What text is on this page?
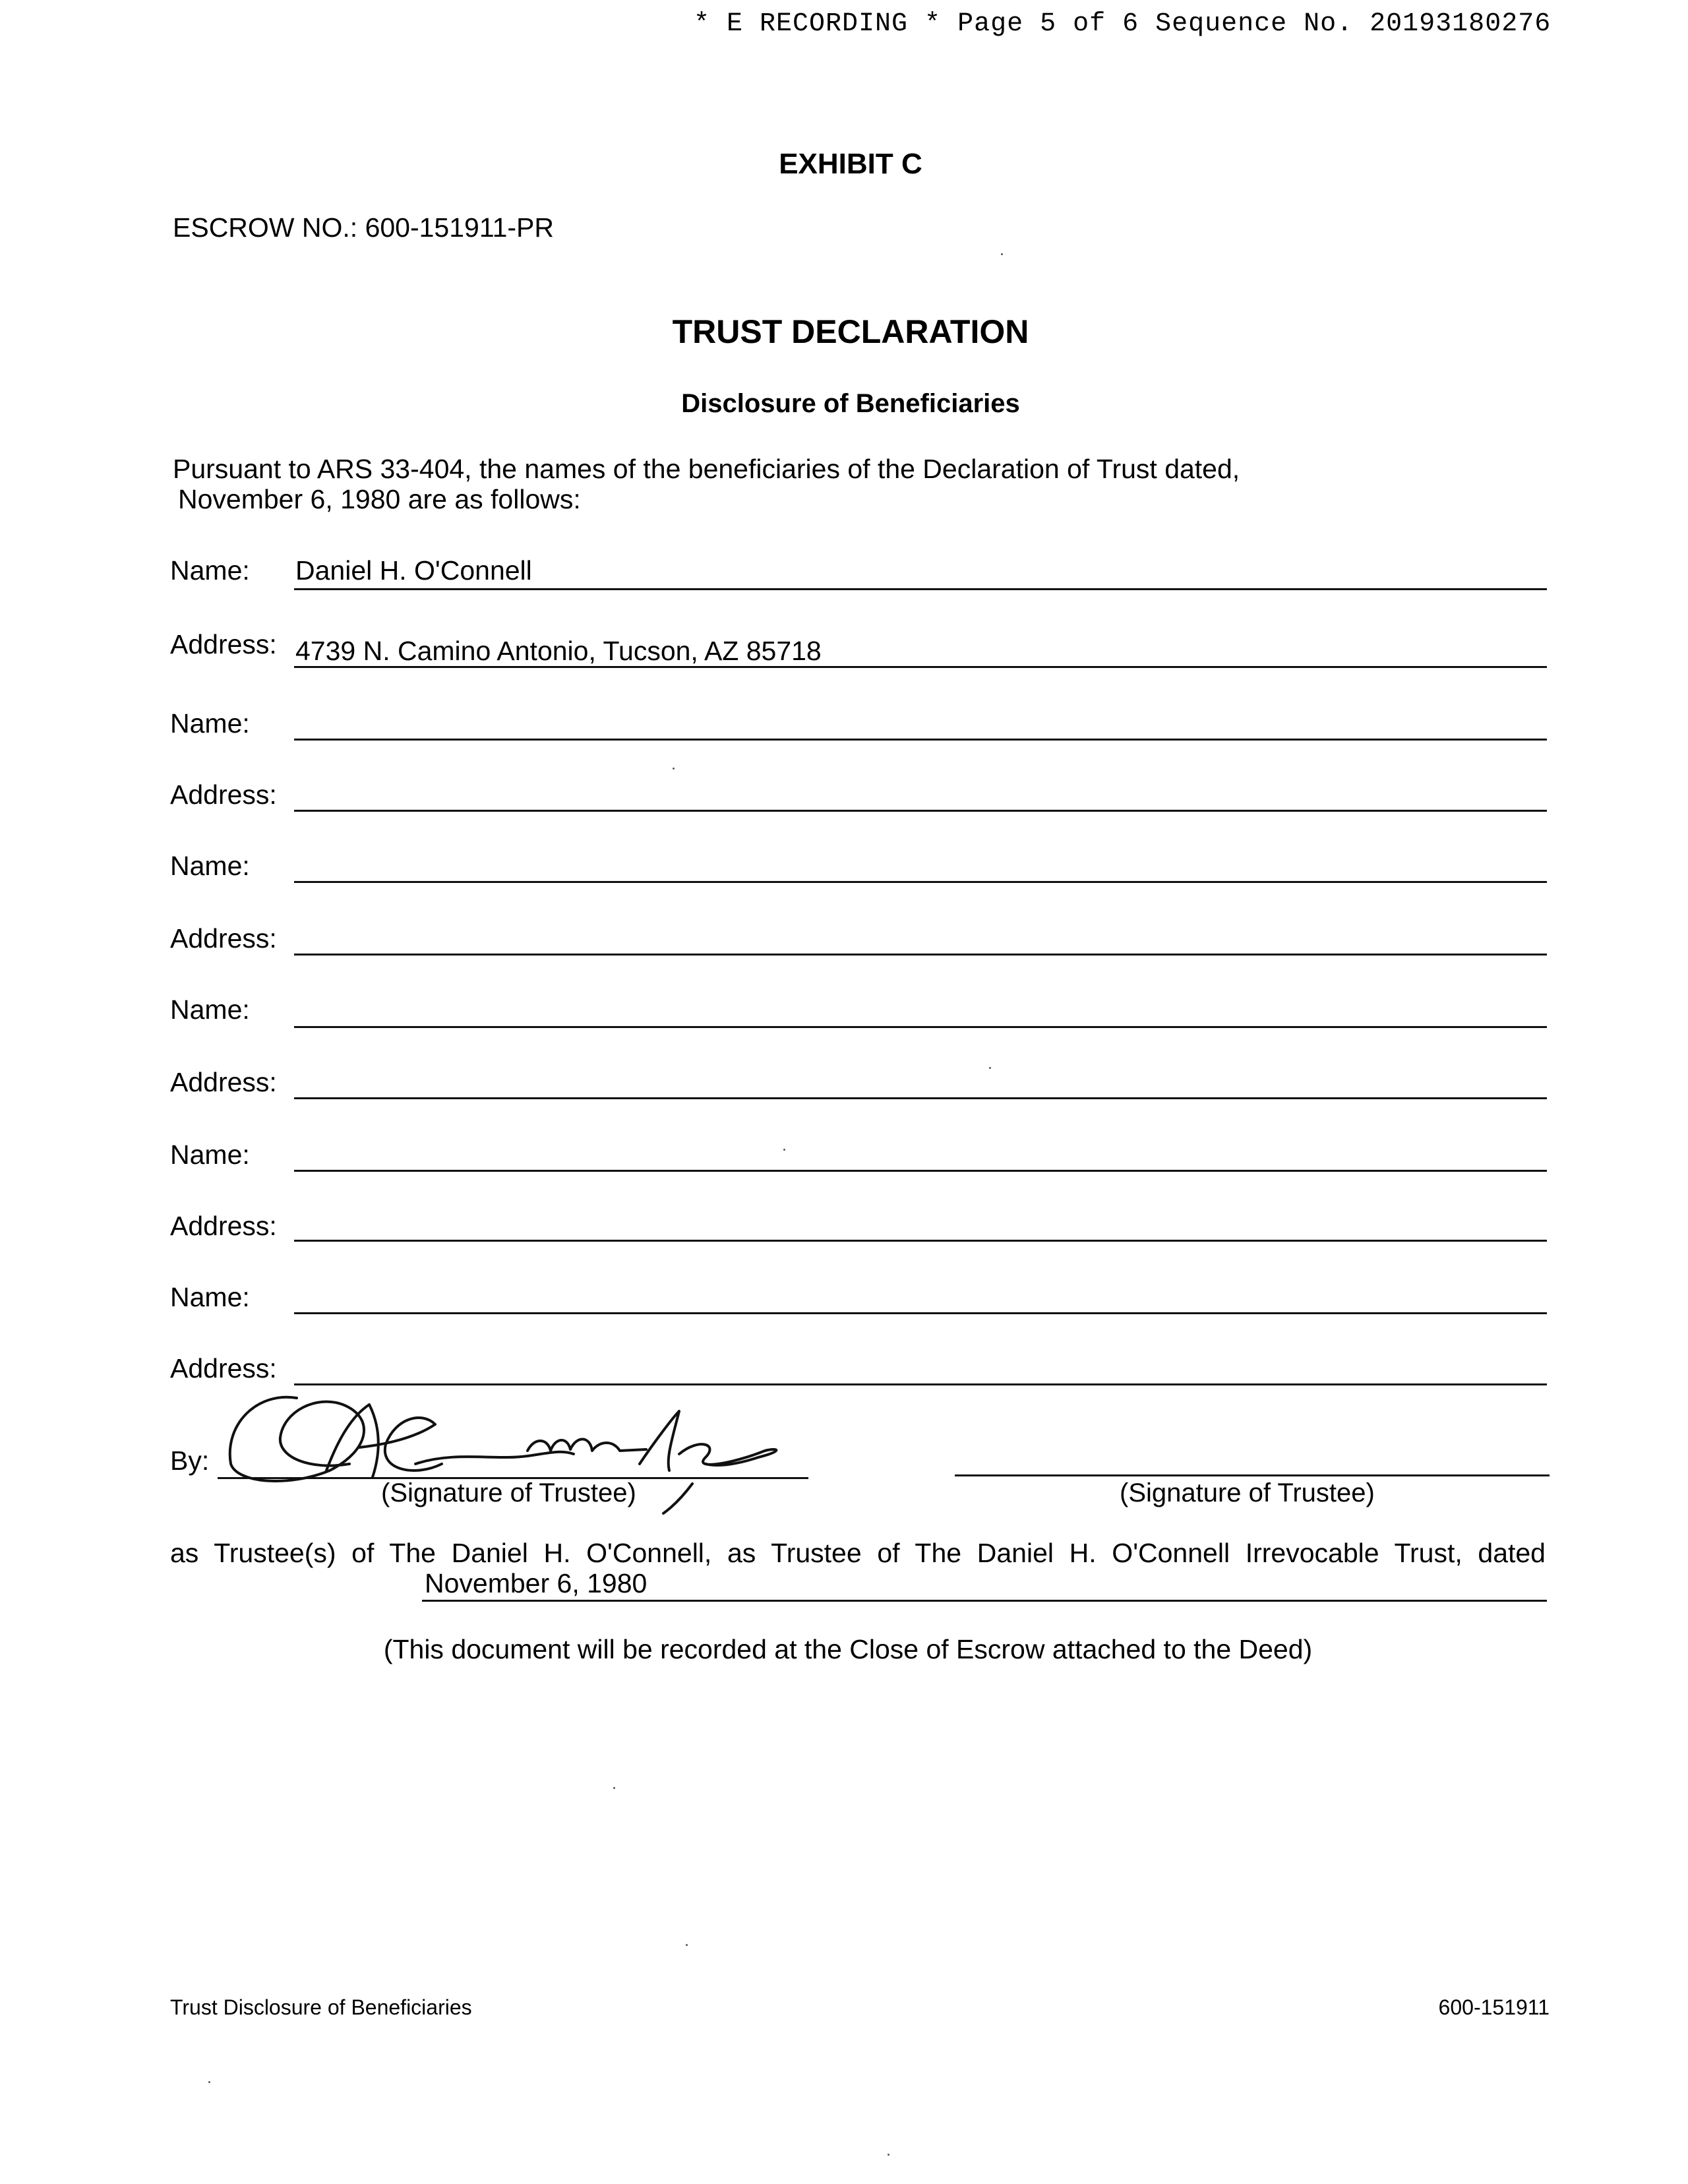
* E RECORDING * Page 5 of 6 Sequence No. 20193180276
EXHIBIT C
ESCROW NO.: 600-151911-PR
TRUST DECLARATION
Disclosure of Beneficiaries
Pursuant to ARS 33-404, the names of the beneficiaries of the Declaration of Trust dated,
November 6, 1980 are as follows:
Name: Daniel H. O'Connell
Address: 4739 N. Camino Antonio, Tucson, AZ 85718
Name:
Address:
Name:
Address:
Name:
Address:
Name:
Address:
Name:
Address:
By:
(Signature of Trustee)	(Signature of Trustee)
as Trustee(s) of The Daniel H. O'Connell, as Trustee of The Daniel H. O'Connell Irrevocable Trust, dated
November 6, 1980
(This document will be recorded at the Close of Escrow attached to the Deed)
Trust Disclosure of Beneficiaries	600-151911
